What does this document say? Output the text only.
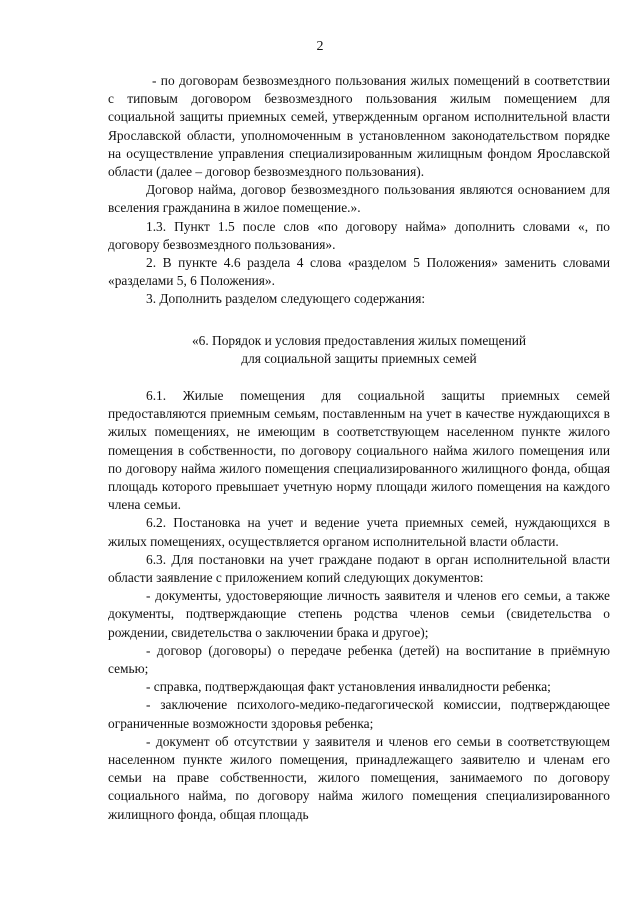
2

- по договорам безвозмездного пользования жилых помещений в соответствии с типовым договором безвозмездного пользования жилым помещением для социальной защиты приемных семей, утвержденным органом исполнительной власти Ярославской области, уполномоченным в установленном законодательством порядке на осуществление управления специализированным жилищным фондом Ярославской области (далее – договор безвозмездного пользования).

Договор найма, договор безвозмездного пользования являются основанием для вселения гражданина в жилое помещение.».

1.3. Пункт 1.5 после слов «по договору найма» дополнить словами «, по договору безвозмездного пользования».

2. В пункте 4.6 раздела 4 слова «разделом 5 Положения» заменить словами «разделами 5, 6 Положения».

3. Дополнить разделом следующего содержания:

«6. Порядок и условия предоставления жилых помещений
для социальной защиты приемных семей

6.1. Жилые помещения для социальной защиты приемных семей предоставляются приемным семьям, поставленным на учет в качестве нуждающихся в жилых помещениях, не имеющим в соответствующем населенном пункте жилого помещения в собственности, по договору социального найма жилого помещения или по договору найма жилого помещения специализированного жилищного фонда, общая площадь которого превышает учетную норму площади жилого помещения на каждого члена семьи.

6.2. Постановка на учет и ведение учета приемных семей, нуждающихся в жилых помещениях, осуществляется органом исполнительной власти области.

6.3. Для постановки на учет граждане подают в орган исполнительной власти области заявление с приложением копий следующих документов:

- документы, удостоверяющие личность заявителя и членов его семьи, а также документы, подтверждающие степень родства членов семьи (свидетельства о рождении, свидетельства о заключении брака и другое);

- договор (договоры) о передаче ребенка (детей) на воспитание в приёмную семью;

- справка, подтверждающая факт установления инвалидности ребенка;

- заключение психолого-медико-педагогической комиссии, подтверждающее ограниченные возможности здоровья ребенка;

- документ об отсутствии у заявителя и членов его семьи в соответствующем населенном пункте жилого помещения, принадлежащего заявителю и членам его семьи на праве собственности, жилого помещения, занимаемого по договору социального найма, по договору найма жилого помещения специализированного жилищного фонда, общая площадь
